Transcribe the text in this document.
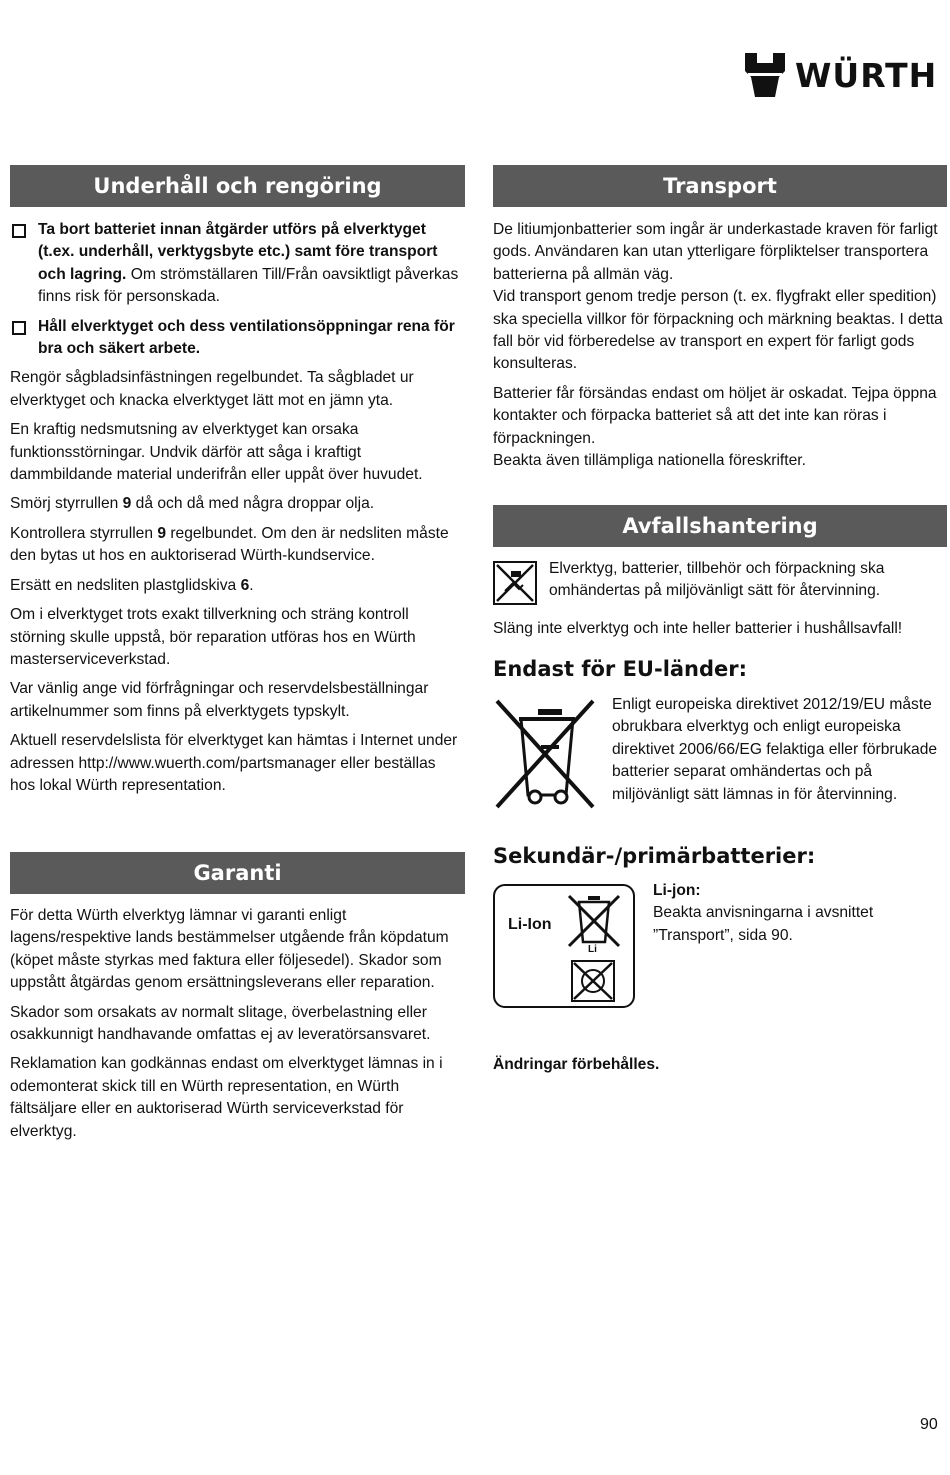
WÜRTH
Underhåll och rengöring
Ta bort batteriet innan åtgärder utförs på elverktyget (t.ex. underhåll, verktygsbyte etc.) samt före transport och lagring. Om strömställaren Till/Från oavsiktligt påverkas finns risk för personskada.
Håll elverktyget och dess ventilationsöppningar rena för bra och säkert arbete.

Rengör sågbladsinfästningen regelbundet. Ta sågbladet ur elverktyget och knacka elverktyget lätt mot en jämn yta.

En kraftig nedsmutsning av elverktyget kan orsaka funktionsstörningar. Undvik därför att såga i kraftigt dammbildande material underifrån eller uppåt över huvudet.

Smörj styrrullen 9 då och då med några droppar olja.

Kontrollera styrrullen 9 regelbundet. Om den är nedsliten måste den bytas ut hos en auktoriserad Würth-kundservice.

Ersätt en nedsliten plastglidskiva 6.

Om i elverktyget trots exakt tillverkning och sträng kontroll störning skulle uppstå, bör reparation utföras hos en Würth masterserviceverkstad.

Var vänlig ange vid förfrågningar och reservdelsbeställningar artikelnummer som finns på elverktygets typskylt.

Aktuell reservdelslista för elverktyget kan hämtas i Internet under adressen http://www.wuerth.com/partsmanager eller beställas hos lokal Würth representation.

Garanti

För detta Würth elverktyg lämnar vi garanti enligt lagens/respektive lands bestämmelser utgående från köpdatum (köpet måste styrkas med faktura eller följesedel). Skador som uppstått åtgärdas genom ersättningsleverans eller reparation.

Skador som orsakats av normalt slitage, överbelastning eller osakkunnigt handhavande omfattas ej av leveratörsansvaret.

Reklamation kan godkännas endast om elverktyget lämnas in i odemonterat skick till en Würth representation, en Würth fältsäljare eller en auktoriserad Würth serviceverkstad för elverktyg.

Transport

De litiumjonbatterier som ingår är underkastade kraven för farligt gods. Användaren kan utan ytterligare förpliktelser transportera batterierna på allmän väg.

Vid transport genom tredje person (t. ex. flygfrakt eller spedition) ska speciella villkor för förpackning och märkning beaktas. I detta fall bör vid förberedelse av transport en expert för farligt gods konsulteras.

Batterier får försändas endast om höljet är oskadat. Tejpa öppna kontakter och förpacka batteriet så att det inte kan röras i förpackningen.

Beakta även tillämpliga nationella föreskrifter.

Avfallshantering
Elverktyg, batterier, tillbehör och förpackning ska omhändertas på miljövänligt sätt för återvinning.
Släng inte elverktyg och inte heller batterier i hushållsavfall!
Endast för EU-länder:
Enligt europeiska direktivet 2012/19/EU måste obrukbara elverktyg och enligt europeiska direktivet 2006/66/EG felaktiga eller förbrukade batterier separat omhändertas och på miljövänligt sätt lämnas in för återvinning.
Sekundär-/primärbatterier:
Li-Ion
Li
Li-jon:
Beakta anvisningarna i avsnittet ”Transport”, sida 90.
Ändringar förbehålles.
90
